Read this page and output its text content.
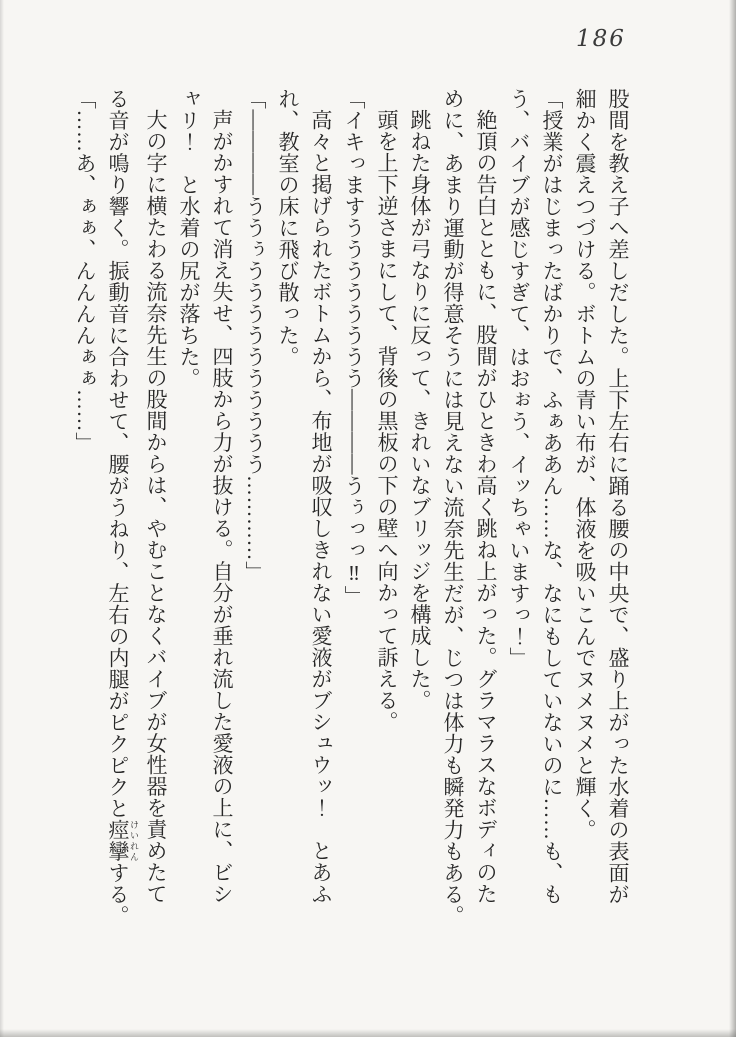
186

股間を教え子へ差しだした。上下左右に踊る腰の中央で、盛り上がった水着の表面が

細かく震えつづける。ボトムの青い布が、体液を吸いこんでヌメヌメと輝く。

「授業がはじまったばかりで、ふぁああん……な、なにもしていないのに……も、も

う、バイブが感じすぎて、はおぉう、イッちゃいますっ！」

絶頂の告白とともに、股間がひときわ高く跳ね上がった。グラマラスなボディのた

めに、あまり運動が得意そうには見えない流奈先生だが、じつは体力も瞬発力もある。

跳ねた身体が弓なりに反って、きれいなブリッジを構成した。

頭を上下逆さまにして、背後の黒板の下の壁へ向かって訴える。

「イキっますうううううううう――――うぅっっ‼」

高々と掲げられたボトムから、布地が吸収しきれない愛液がブシュウッ！　とあふ

れ、教室の床に飛び散った。

「――――ううぅうううううううううう…………」

声がかすれて消え失せ、四肢から力が抜ける。自分が垂れ流した愛液の上に、ビシ

ャリ！　と水着の尻が落ちた。

大の字に横たわる流奈先生の股間からは、やむことなくバイブが女性器を責めたて

る音が鳴り響く。振動音に合わせて、腰がうねり、左右の内腿がピクピクと痙攣 けいれんする。

「……あ、ぁぁ、んんんんぁぁ……」
